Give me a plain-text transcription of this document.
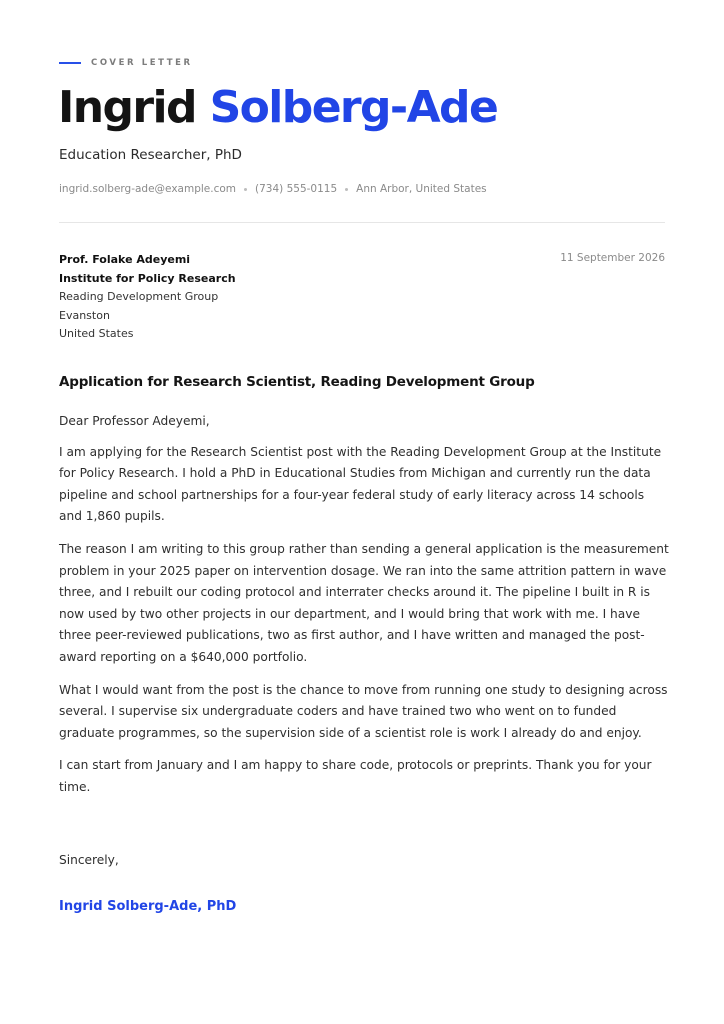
COVER LETTER
Ingrid Solberg-Ade
Education Researcher, PhD
ingrid.solberg-ade@example.com (734) 555-0115 Ann Arbor, United States
Prof. Folake Adeyemi
Institute for Policy Research
Reading Development Group
Evanston
United States
11 September 2026
Application for Research Scientist, Reading Development Group

Dear Professor Adeyemi,

I am applying for the Research Scientist post with the Reading Development Group at the Institute for Policy Research. I hold a PhD in Educational Studies from Michigan and currently run the data pipeline and school partnerships for a four-year federal study of early literacy across 14 schools and 1,860 pupils.

The reason I am writing to this group rather than sending a general application is the measurement problem in your 2025 paper on intervention dosage. We ran into the same attrition pattern in wave three, and I rebuilt our coding protocol and interrater checks around it. The pipeline I built in R is now used by two other projects in our department, and I would bring that work with me. I have three peer-reviewed publications, two as first author, and I have written and managed the post-award reporting on a $640,000 portfolio.

What I would want from the post is the chance to move from running one study to designing across several. I supervise six undergraduate coders and have trained two who went on to funded graduate programmes, so the supervision side of a scientist role is work I already do and enjoy.

I can start from January and I am happy to share code, protocols or preprints. Thank you for your time.

Sincerely,
Ingrid Solberg-Ade, PhD
